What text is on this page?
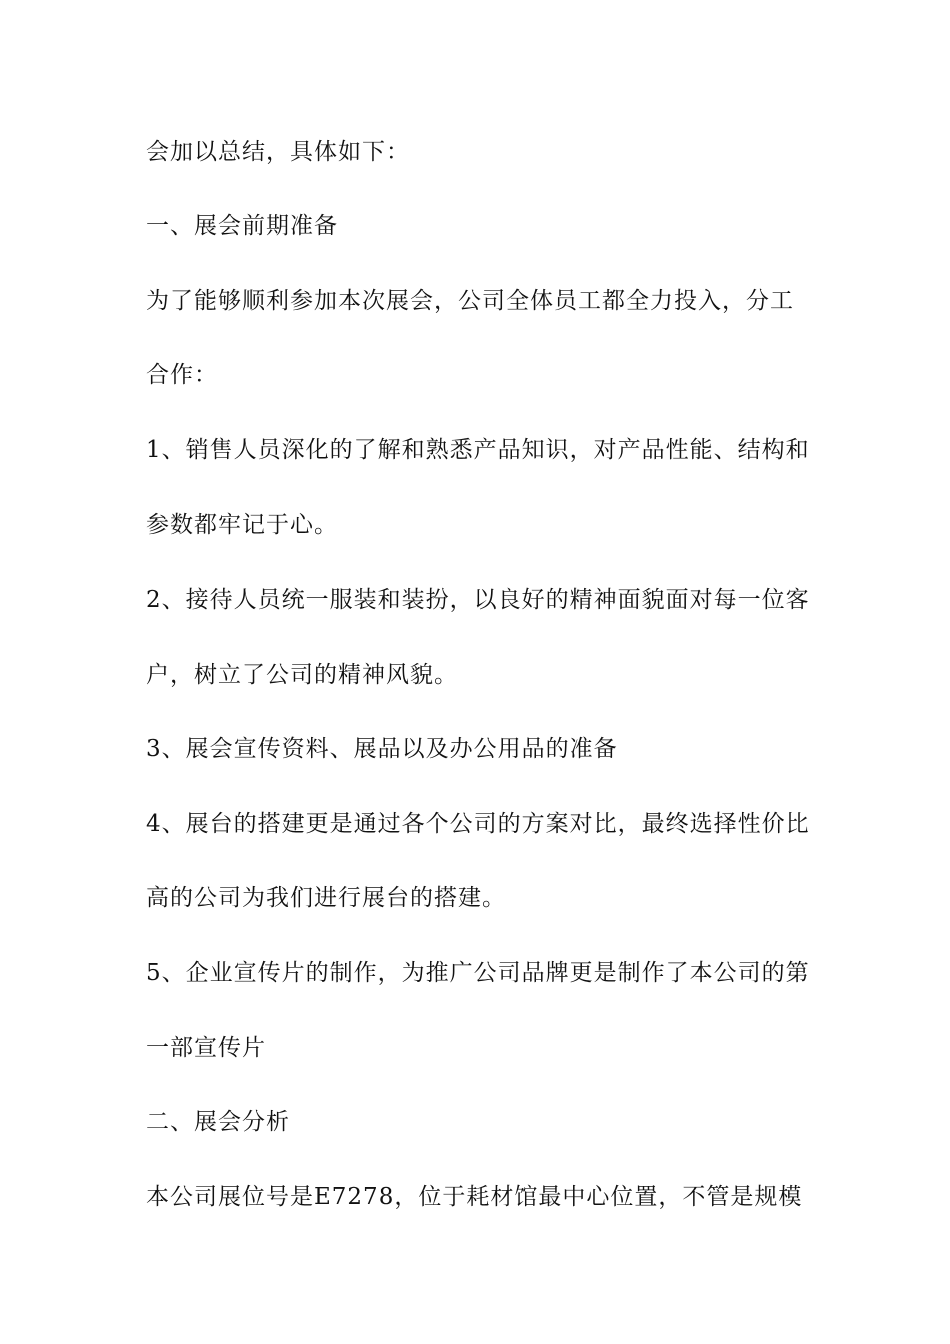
会加以总结，具体如下：

一、展会前期准备

为了能够顺利参加本次展会，公司全体员工都全力投入，分工

合作：

1、销售人员深化的了解和熟悉产品知识，对产品性能、结构和

参数都牢记于心。

2、接待人员统一服装和装扮，以良好的精神面貌面对每一位客

户，树立了公司的精神风貌。

3、展会宣传资料、展品以及办公用品的准备

4、展台的搭建更是通过各个公司的方案对比，最终选择性价比

高的公司为我们进行展台的搭建。

5、企业宣传片的制作，为推广公司品牌更是制作了本公司的第

一部宣传片

二、展会分析

本公司展位号是E7278，位于耗材馆最中心位置，不管是规模
